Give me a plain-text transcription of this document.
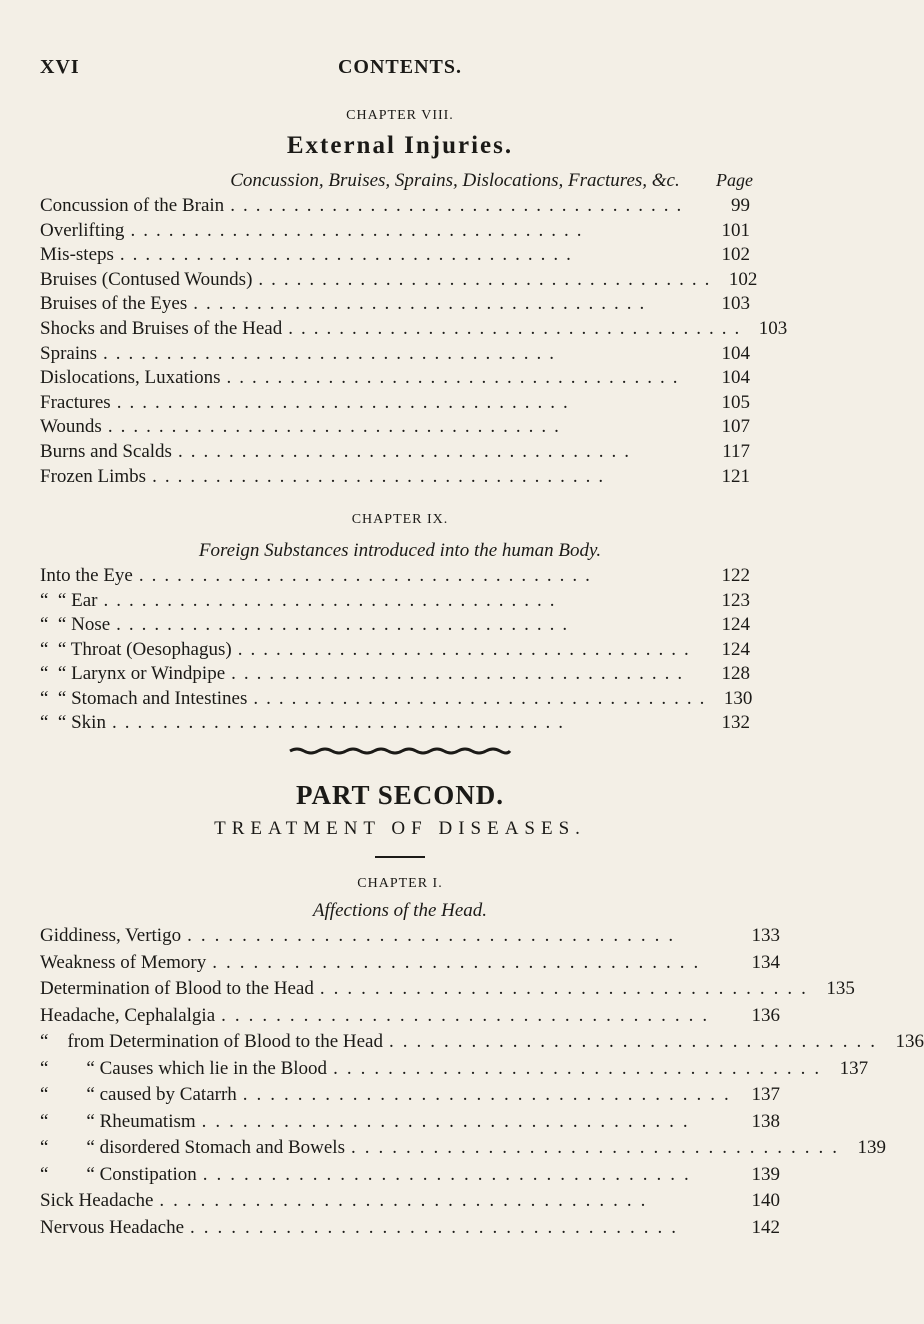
XVI	CONTENTS.
CHAPTER VIII.
External Injuries.
Concussion, Bruises, Sprains, Dislocations, Fractures, &c.	Page
Concussion of the Brain ....................................	99
Overlifting ....................................	101
Mis-steps ....................................	102
Bruises (Contused Wounds) .................................... 102
Bruises of the Eyes ....................................	103
Shocks and Bruises of the Head .................................... 103
Sprains ....................................	104
Dislocations, Luxations ....................................	104
Fractures ....................................	105
Wounds ....................................	107
Burns and Scalds ....................................	117
Frozen Limbs ....................................	121
CHAPTER IX.
Foreign Substances introduced into the human Body.
Into the Eye ....................................	122
“  “ Ear ....................................	123
“  “ Nose ....................................	124
“  “ Throat (Oesophagus) ....................................	124
“  “ Larynx or Windpipe ....................................	128
“  “ Stomach and Intestines .................................... 130
“  “ Skin ....................................	132
PART SECOND.
TREATMENT OF DISEASES.
CHAPTER I.
Affections of the Head.
Giddiness, Vertigo ....................................	133
Weakness of Memory ....................................	134
Determination of Blood to the Head .................................... 135
Headache, Cephalalgia ....................................	136
“    from Determination of Blood to the Head .................................... 136
“        “ Causes which lie in the Blood .................................... 137
“        “ caused by Catarrh .................................... 137
“        “ Rheumatism ....................................	138
“        “ disordered Stomach and Bowels .................................... 139
“        “ Constipation ....................................	139
Sick Headache ....................................	140
Nervous Headache ....................................	142
